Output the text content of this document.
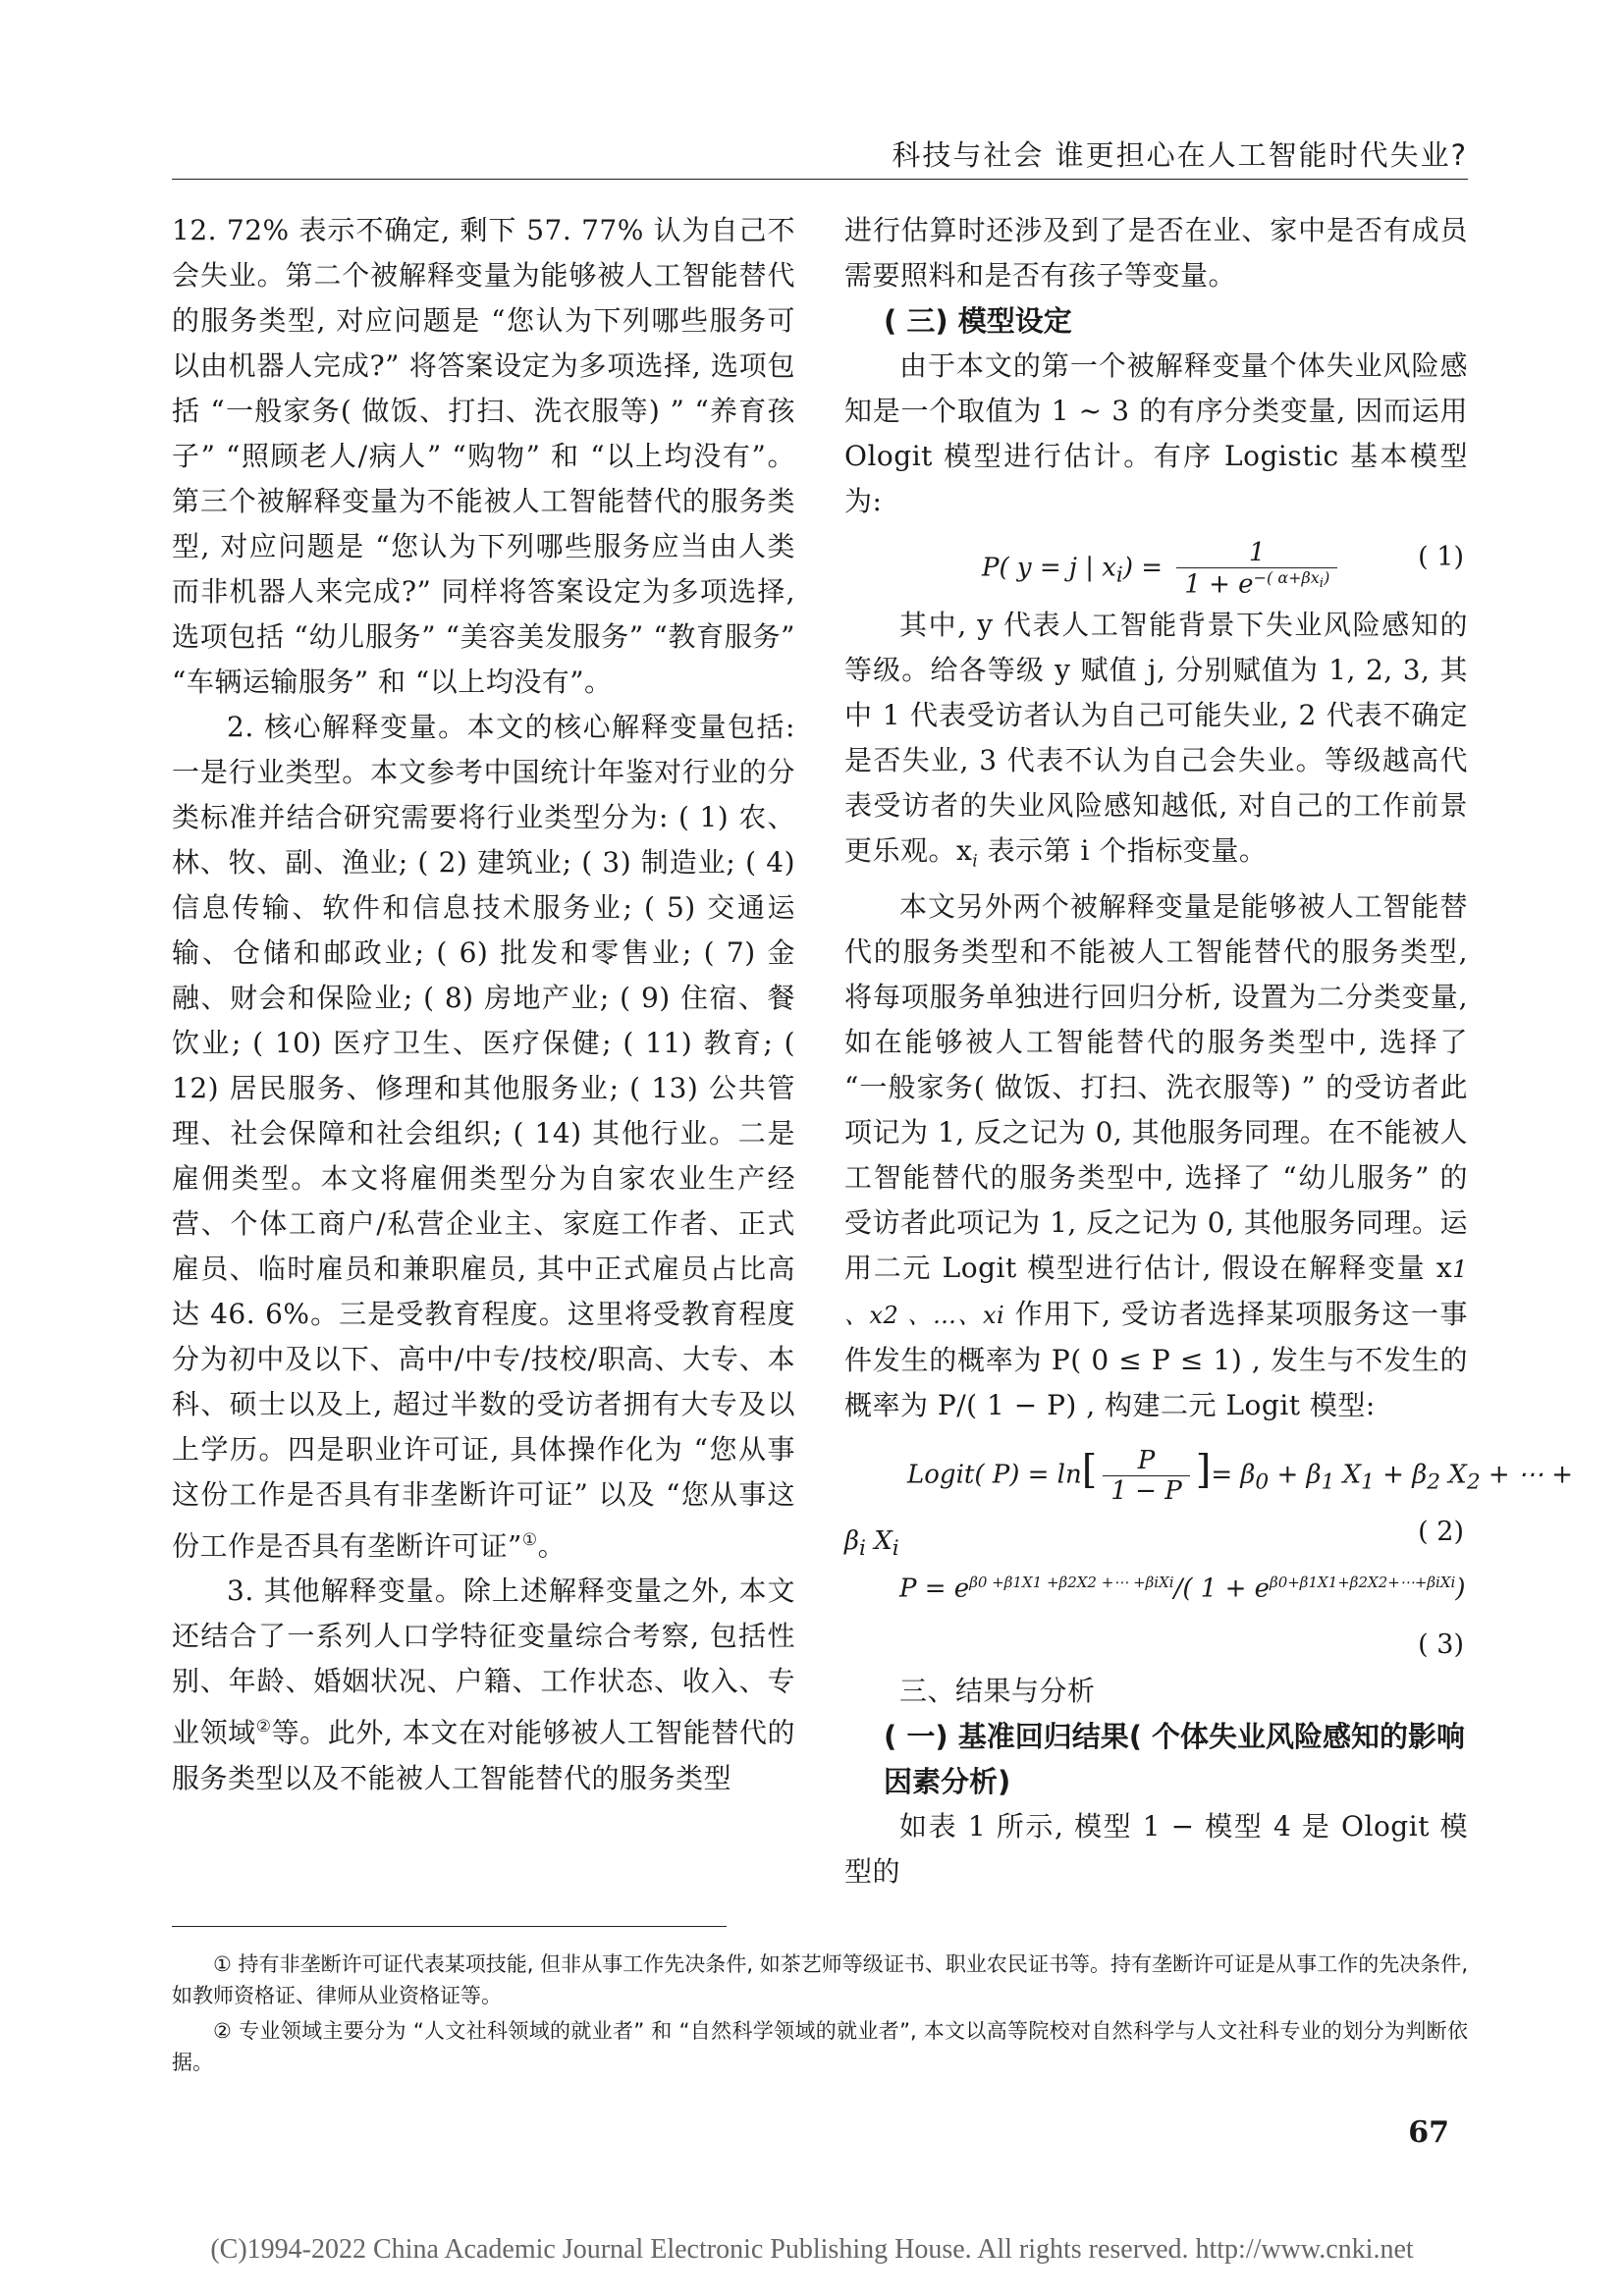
科技与社会 谁更担心在人工智能时代失业?

12. 72% 表示不确定, 剩下 57. 77% 认为自己不会失业。第二个被解释变量为能够被人工智能替代的服务类型, 对应问题是 “您认为下列哪些服务可以由机器人完成?” 将答案设定为多项选择, 选项包括 “一般家务( 做饭、打扫、洗衣服等) ” “养育孩子” “照顾老人/病人” “购物” 和 “以上均没有”。第三个被解释变量为不能被人工智能替代的服务类型, 对应问题是 “您认为下列哪些服务应当由人类而非机器人来完成?” 同样将答案设定为多项选择, 选项包括 “幼儿服务” “美容美发服务” “教育服务” “车辆运输服务” 和 “以上均没有”。

2. 核心解释变量。本文的核心解释变量包括: 一是行业类型。本文参考中国统计年鉴对行业的分类标准并结合研究需要将行业类型分为: ( 1) 农、林、牧、副、渔业; ( 2) 建筑业; ( 3) 制造业; ( 4) 信息传输、软件和信息技术服务业; ( 5) 交通运输、仓储和邮政业; ( 6) 批发和零售业; ( 7) 金融、财会和保险业; ( 8) 房地产业; ( 9) 住宿、餐饮业; ( 10) 医疗卫生、医疗保健; ( 11) 教育; ( 12) 居民服务、修理和其他服务业; ( 13) 公共管理、社会保障和社会组织; ( 14) 其他行业。二是雇佣类型。本文将雇佣类型分为自家农业生产经营、个体工商户/私营企业主、家庭工作者、正式雇员、临时雇员和兼职雇员, 其中正式雇员占比高达 46. 6%。三是受教育程度。这里将受教育程度分为初中及以下、高中/中专/技校/职高、大专、本科、硕士以及上, 超过半数的受访者拥有大专及以上学历。四是职业许可证, 具体操作化为 “您从事这份工作是否具有非垄断许可证” 以及 “您从事这份工作是否具有垄断许可证”①。

3. 其他解释变量。除上述解释变量之外, 本文还结合了一系列人口学特征变量综合考察, 包括性别、年龄、婚姻状况、户籍、工作状态、收入、专业领域②等。此外, 本文在对能够被人工智能替代的服务类型以及不能被人工智能替代的服务类型

进行估算时还涉及到了是否在业、家中是否有成员需要照料和是否有孩子等变量。

( 三) 模型设定

由于本文的第一个被解释变量个体失业风险感知是一个取值为 1 ~ 3 的有序分类变量, 因而运用 Ologit 模型进行估计。有序 Logistic 基本模型为:

P( y = j | $x_i) = \frac{1}{1 + e^{-( \alpha+\beta x_i)}}$	( 1)

其中, y 代表人工智能背景下失业风险感知的等级。给各等级 y 赋值 j, 分别赋值为 1, 2, 3, 其中 1 代表受访者认为自己可能失业, 2 代表不确定是否失业, 3 代表不认为自己会失业。等级越高代表受访者的失业风险感知越低, 对自己的工作前景更乐观。$x_i$ 表示第 i 个指标变量。

本文另外两个被解释变量是能够被人工智能替代的服务类型和不能被人工智能替代的服务类型, 将每项服务单独进行回归分析, 设置为二分类变量, 如在能够被人工智能替代的服务类型中, 选择了 “一般家务( 做饭、打扫、洗衣服等) ” 的受访者此项记为 1, 反之记为 0, 其他服务同理。在不能被人工智能替代的服务类型中, 选择了 “幼儿服务” 的受访者此项记为 1, 反之记为 0, 其他服务同理。运用二元 Logit 模型进行估计, 假设在解释变量 x1 、x2 、…、xi 作用下, 受访者选择某项服务这一事件发生的概率为 P( 0 ≤ P ≤ 1) , 发生与不发生的概率为 P/( 1 − P) , 构建二元 Logit 模型:

Logit( $P) = \ln[ \frac{P}{1 - P}$ ]= $\beta_0 + \beta_1$ $X_1 + \beta_2$ $X_2$ + ⋯ +
$\beta_i$ $X_i$
( 2)
$P = e^{\beta 0 +\beta 1X1 +\beta 2X2 +\cdots +\beta iXi}/$( $1 + e^{\beta 0+\beta 1X1+\beta 2X2+\cdots+\beta iXi}$)
( 3)

三、结果与分析

( 一) 基准回归结果( 个体失业风险感知的影响因素分析)

如表 1 所示, 模型 1 − 模型 4 是 Ologit 模型的

① 持有非垄断许可证代表某项技能, 但非从事工作先决条件, 如茶艺师等级证书、职业农民证书等。持有垄断许可证是从事工作的先决条件, 如教师资格证、律师从业资格证等。

② 专业领域主要分为 “人文社科领域的就业者” 和 “自然科学领域的就业者”, 本文以高等院校对自然科学与人文社科专业的划分为判断依据。

67
(C)1994-2022 China Academic Journal Electronic Publishing House. All rights reserved. http://www.cnki.net
